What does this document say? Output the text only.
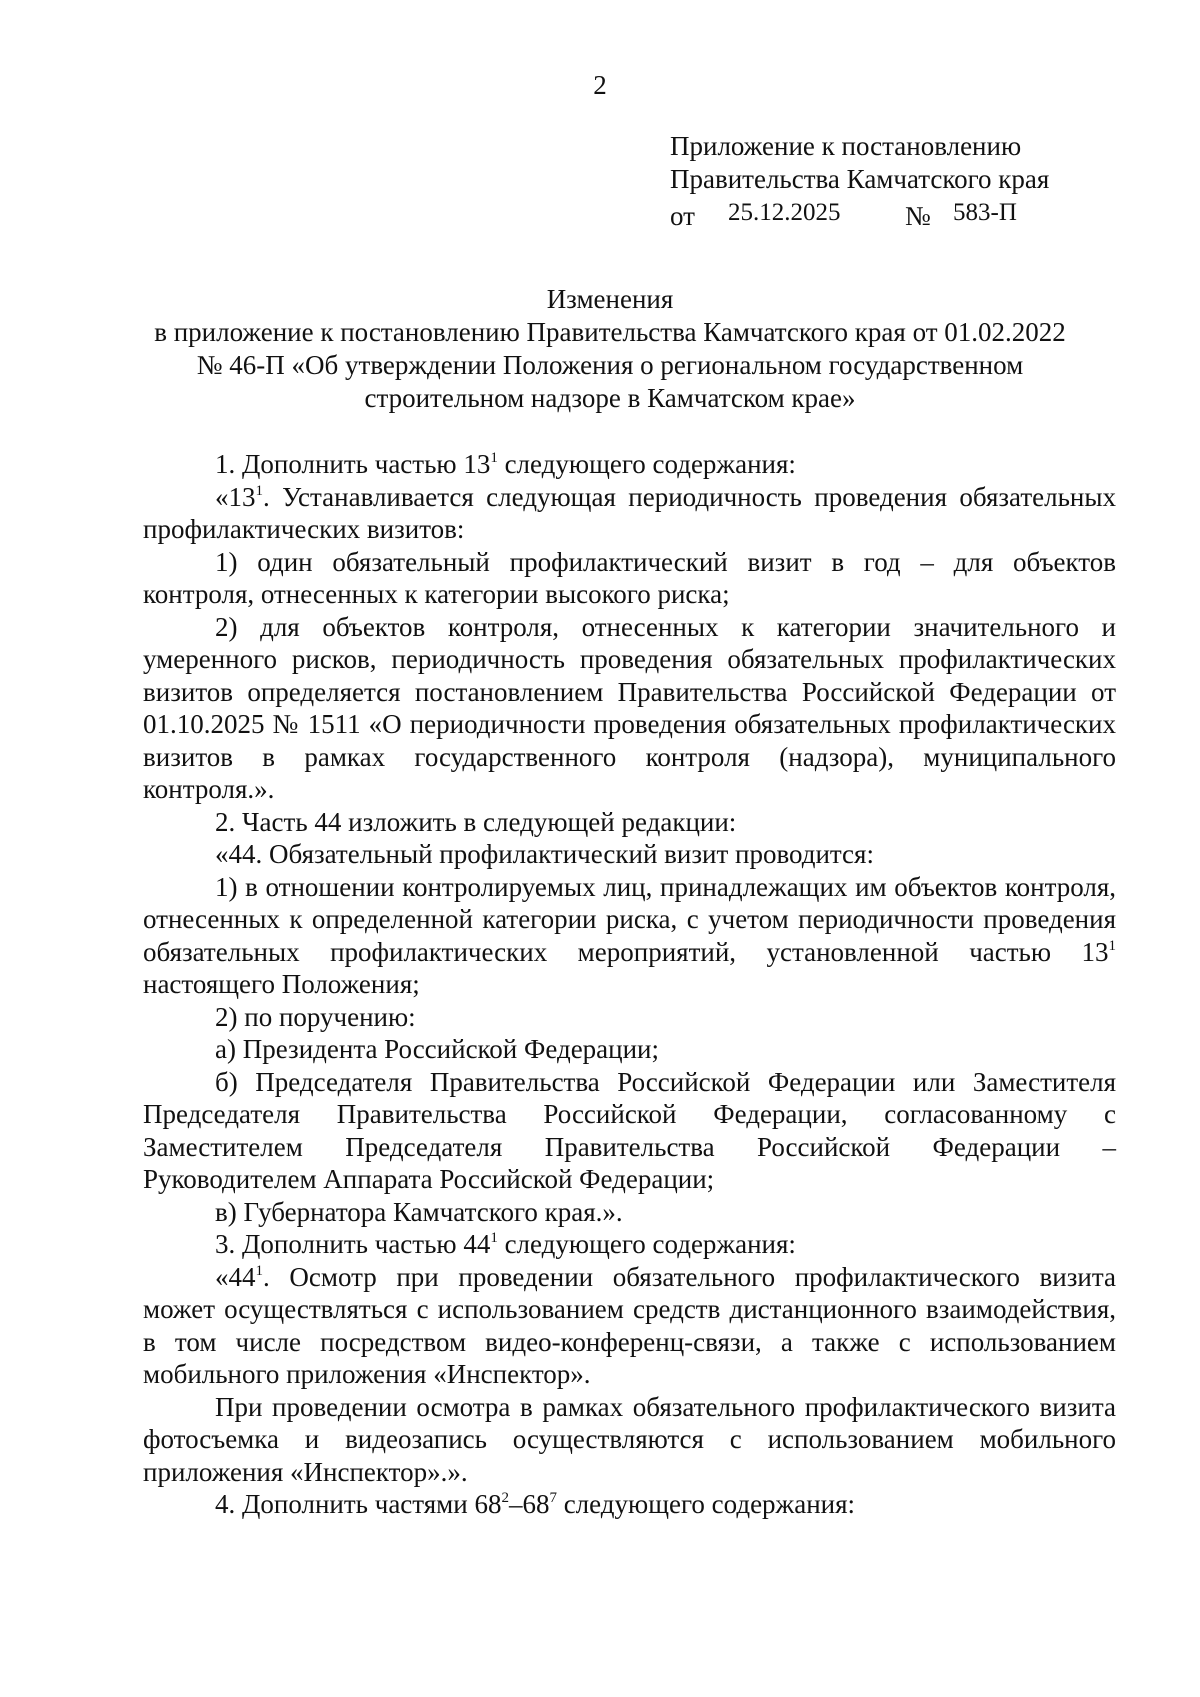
2
Приложение к постановлению
Правительства Камчатского края
от 25.12.2025 № 583-П
Изменения
в приложение к постановлению Правительства Камчатского края от 01.02.2022
№ 46-П «Об утверждении Положения о региональном государственном
строительном надзоре в Камчатском крае»

1. Дополнить частью $13^1$ следующего содержания:

«$13^1$. Устанавливается следующая периодичность проведения обязательных профилактических визитов:

1) один обязательный профилактический визит в год – для объектов контроля, отнесенных к категории высокого риска;

2) для объектов контроля, отнесенных к категории значительного и умеренного рисков, периодичность проведения обязательных профилактических визитов определяется постановлением Правительства Российской Федерации от 01.10.2025 № 1511 «О периодичности проведения обязательных профилактических визитов в рамках государственного контроля (надзора), муниципального контроля.».

2. Часть 44 изложить в следующей редакции:

«44. Обязательный профилактический визит проводится:

1) в отношении контролируемых лиц, принадлежащих им объектов контроля, отнесенных к определенной категории риска, с учетом периодичности проведения обязательных профилактических мероприятий, установленной частью $13^1$ настоящего Положения;

2) по поручению:

а) Президента Российской Федерации;

б) Председателя Правительства Российской Федерации или Заместителя Председателя Правительства Российской Федерации, согласованному с Заместителем Председателя Правительства Российской Федерации – Руководителем Аппарата Российской Федерации;

в) Губернатора Камчатского края.».

3. Дополнить частью $44^1$ следующего содержания:

«$44^1$. Осмотр при проведении обязательного профилактического визита может осуществляться с использованием средств дистанционного взаимодействия, в том числе посредством видео-конференц-связи, а также с использованием мобильного приложения «Инспектор».

При проведении осмотра в рамках обязательного профилактического визита фотосъемка и видеозапись осуществляются с использованием мобильного приложения «Инспектор».».

4. Дополнить частями $68^2-68^7$ следующего содержания:
